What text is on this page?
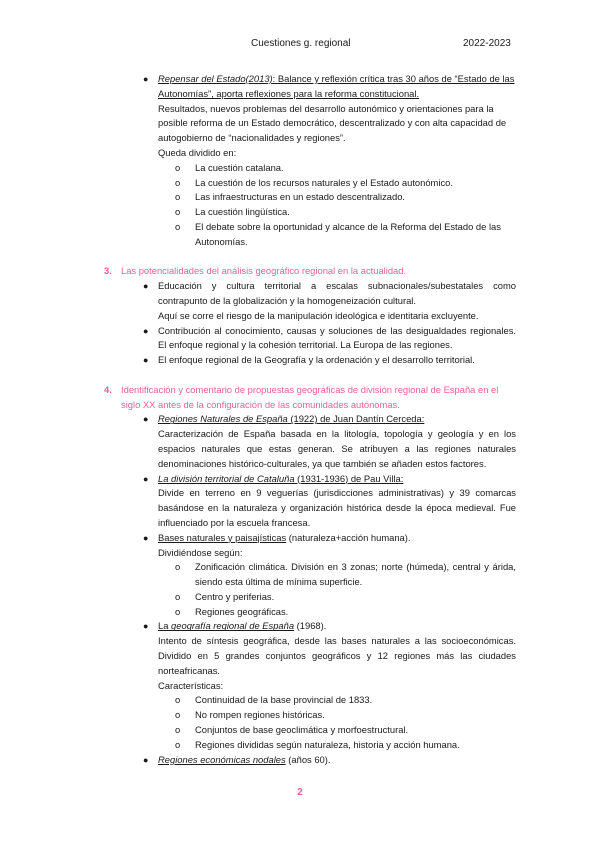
Cuestiones g. regional	2022-2023
● Repensar del Estado(2013): Balance y reflexión crítica tras 30 años de “Estado de las Autonomías”, aporta reflexiones para la reforma constitucional.
Resultados, nuevos problemas del desarrollo autonómico y orientaciones para la posible reforma de un Estado democrático, descentralizado y con alta capacidad de autogobierno de “nacionalidades y regiones”.
Queda dividido en:
o La cuestión catalana.
o La cuestión de los recursos naturales y el Estado autonómico.
o Las infraestructuras en un estado descentralizado.
o La cuestión lingüística.
o El debate sobre la oportunidad y alcance de la Reforma del Estado de las Autonomías.
3. Las potencialidades del análisis geográfico regional en la actualidad.
● Educación y cultura territorial a escalas subnacionales/subestatales como contrapunto de la globalización y la homogeneización cultural.
Aquí se corre el riesgo de la manipulación ideológica e identitaria excluyente.
● Contribución al conocimiento, causas y soluciones de las desigualdades regionales. El enfoque regional y la cohesión territorial. La Europa de las regiones.
● El enfoque regional de la Geografía y la ordenación y el desarrollo territorial.
4. Identificación y comentario de propuestas geográficas de división regional de España en el siglo XX antes de la configuración de las comunidades autónomas.
● Regiones Naturales de España (1922) de Juan Dantín Cerceda:
Caracterización de España basada en la litología, topología y geología y en los espacios naturales que estas generan. Se atribuyen a las regiones naturales denominaciones histórico-culturales, ya que también se añaden estos factores.
● La división territorial de Cataluña (1931-1936) de Pau Villa:
Divide en terreno en 9 veguerías (jurisdicciones administrativas) y 39 comarcas basándose en la naturaleza y organización histórica desde la época medieval. Fue influenciado por la escuela francesa.
● Bases naturales y paisajísticas (naturaleza+acción humana).
Dividiéndose según:
o Zonificación climática. División en 3 zonas; norte (húmeda), central y árida, siendo esta última de mínima superficie.
o Centro y periferias.
o Regiones geográficas.
● La geografía regional de España (1968).
Intento de síntesis geográfica, desde las bases naturales a las socioeconómicas. Dividido en 5 grandes conjuntos geográficos y 12 regiones más las ciudades norteafricanas.
Características:
o Continuidad de la base provincial de 1833.
o No rompen regiones históricas.
o Conjuntos de base geoclimática y morfoestructural.
o Regiones divididas según naturaleza, historia y acción humana.
● Regiones económicas nodales (años 60).
2
